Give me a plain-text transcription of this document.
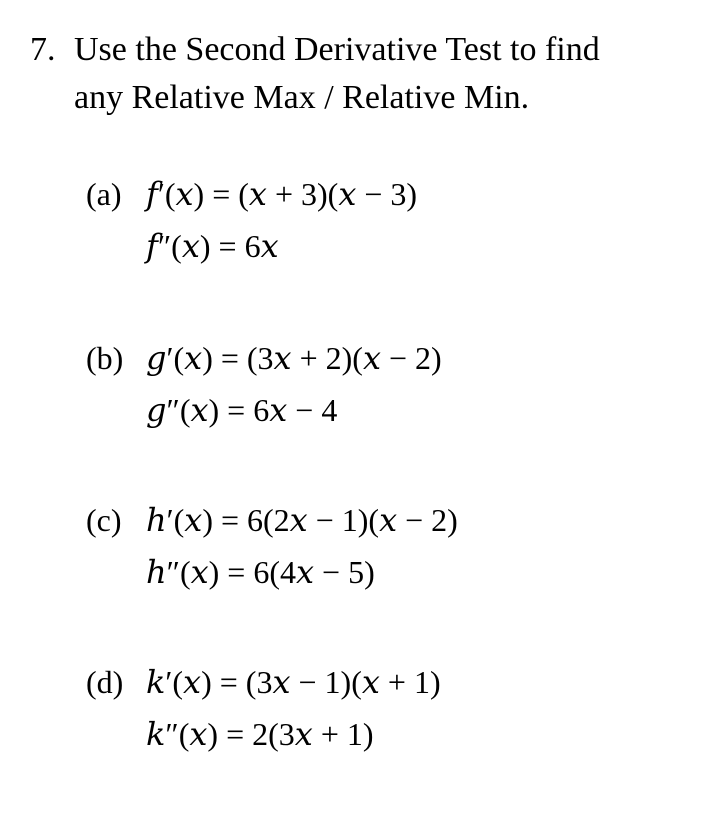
7. Use the Second Derivative Test to find
any Relative Max / Relative Min.
(a) 𝑓′(𝑥) = (𝑥 + 3)(𝑥 − 3)
𝑓″(𝑥) = 6𝑥
(b) 𝑔′(𝑥) = (3𝑥 + 2)(𝑥 − 2)
𝑔″(𝑥) = 6𝑥 − 4
(c) ℎ′(𝑥) = 6(2𝑥 − 1)(𝑥 − 2)
ℎ″(𝑥) = 6(4𝑥 − 5)
(d) 𝑘′(𝑥) = (3𝑥 − 1)(𝑥 + 1)
𝑘″(𝑥) = 2(3𝑥 + 1)
